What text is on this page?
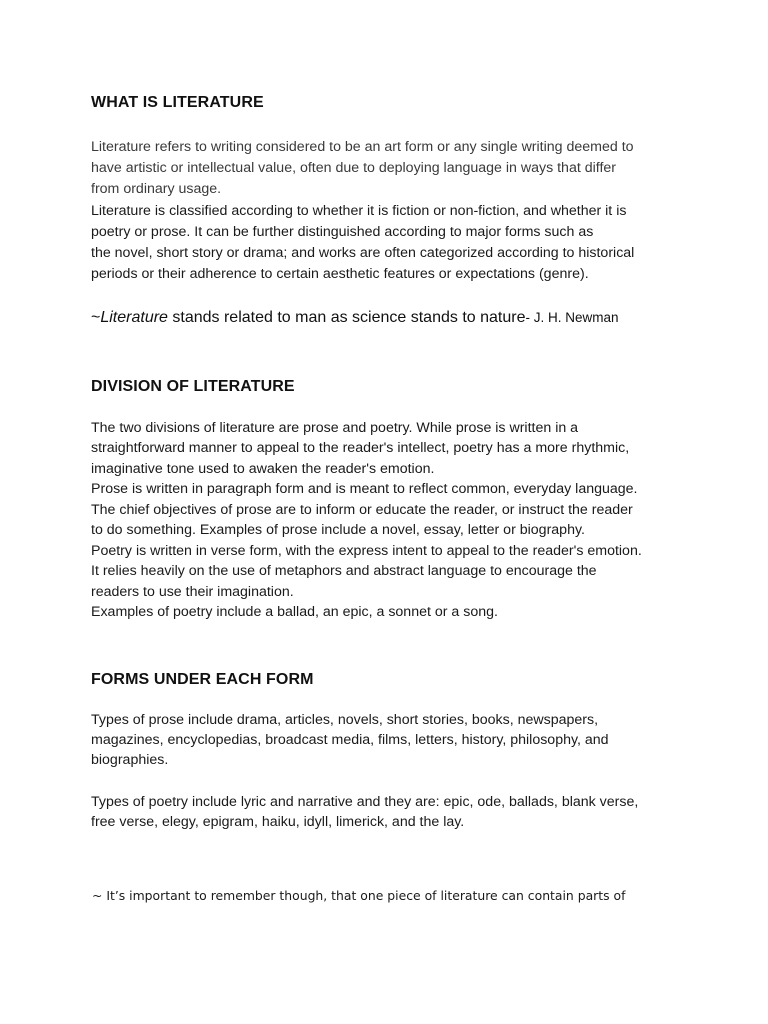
WHAT IS LITERATURE

Literature refers to writing considered to be an art form or any single writing deemed to

have artistic or intellectual value, often due to deploying language in ways that differ

from ordinary usage.

Literature is classified according to whether it is fiction or non-fiction, and whether it is

poetry or prose. It can be further distinguished according to major forms such as

the novel, short story or drama; and works are often categorized according to historical

periods or their adherence to certain aesthetic features or expectations (genre).

~Literature stands related to man as science stands to nature- J. H. Newman
DIVISION OF LITERATURE

The two divisions of literature are prose and poetry. While prose is written in a

straightforward manner to appeal to the reader's intellect, poetry has a more rhythmic,

imaginative tone used to awaken the reader's emotion.

Prose is written in paragraph form and is meant to reflect common, everyday language.

The chief objectives of prose are to inform or educate the reader, or instruct the reader

to do something. Examples of prose include a novel, essay, letter or biography.

Poetry is written in verse form, with the express intent to appeal to the reader's emotion.

It relies heavily on the use of metaphors and abstract language to encourage the

readers to use their imagination.

Examples of poetry include a ballad, an epic, a sonnet or a song.

FORMS UNDER EACH FORM

Types of prose include drama, articles, novels, short stories, books, newspapers,

magazines, encyclopedias, broadcast media, films, letters, history, philosophy, and

biographies.

Types of poetry include lyric and narrative and they are: epic, ode, ballads, blank verse,

free verse, elegy, epigram, haiku, idyll, limerick, and the lay.

~ It’s important to remember though, that one piece of literature can contain parts of
